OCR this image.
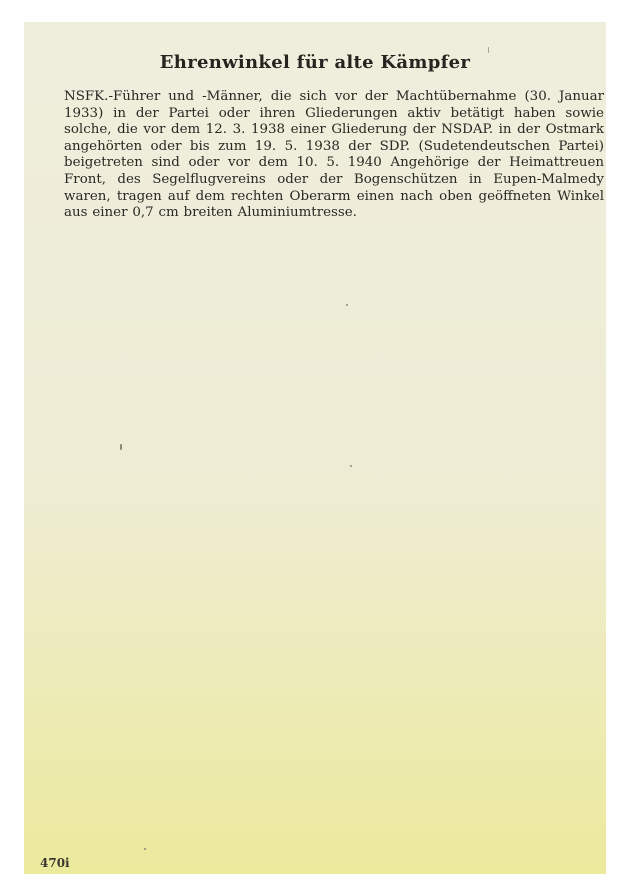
Ehrenwinkel für alte Kämpfer
NSFK.-Führer und -Männer, die sich vor der Machtübernahme (30. Januar 1933) in der Partei oder ihren Gliederungen aktiv betätigt haben sowie solche, die vor dem 12. 3. 1938 einer Gliederung der NSDAP. in der Ostmark angehörten oder bis zum 19. 5. 1938 der SDP. (Sudetendeutschen Partei) beigetreten sind oder vor dem 10. 5. 1940 Angehörige der Heimattreuen Front, des Segelflugvereins oder der Bogenschützen in Eupen-Malmedy waren, tragen auf dem rechten Oberarm einen nach oben geöffneten Winkel aus einer 0,7 cm breiten Aluminiumtresse.
470i
